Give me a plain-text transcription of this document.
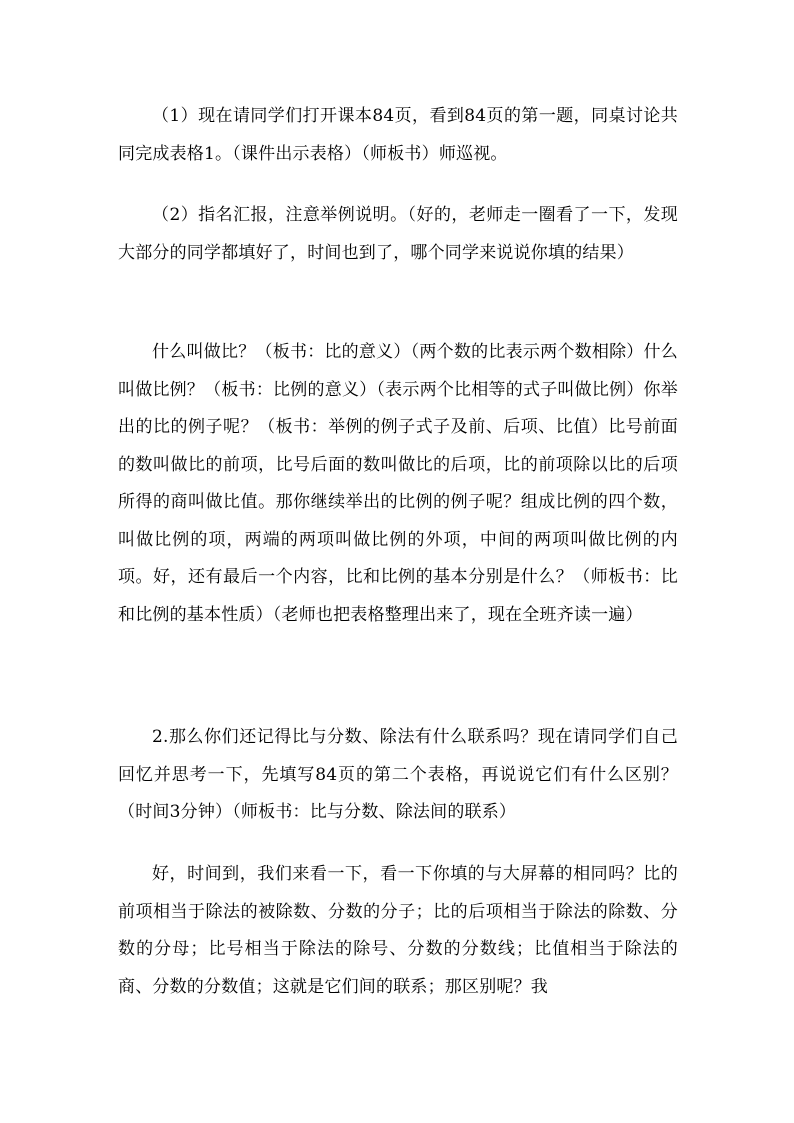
（1）现在请同学们打开课本84页，看到84页的第一题，同桌讨论共同完成表格1。（课件出示表格）（师板书）师巡视。

（2）指名汇报，注意举例说明。（好的，老师走一圈看了一下，发现大部分的同学都填好了，时间也到了，哪个同学来说说你填的结果）

什么叫做比？（板书：比的意义）（两个数的比表示两个数相除）什么叫做比例？（板书：比例的意义）（表示两个比相等的式子叫做比例）你举出的比的例子呢？（板书：举例的例子式子及前、后项、比值）比号前面的数叫做比的前项，比号后面的数叫做比的后项，比的前项除以比的后项所得的商叫做比值。那你继续举出的比例的例子呢？组成比例的四个数，叫做比例的项，两端的两项叫做比例的外项，中间的两项叫做比例的内项。好，还有最后一个内容，比和比例的基本分别是什么？（师板书：比和比例的基本性质）（老师也把表格整理出来了，现在全班齐读一遍）

2.那么你们还记得比与分数、除法有什么联系吗？现在请同学们自己回忆并思考一下，先填写84页的第二个表格，再说说它们有什么区别？（时间3分钟）（师板书：比与分数、除法间的联系）

好，时间到，我们来看一下，看一下你填的与大屏幕的相同吗？比的前项相当于除法的被除数、分数的分子；比的后项相当于除法的除数、分数的分母；比号相当于除法的除号、分数的分数线；比值相当于除法的商、分数的分数值；这就是它们间的联系；那区别呢？我
